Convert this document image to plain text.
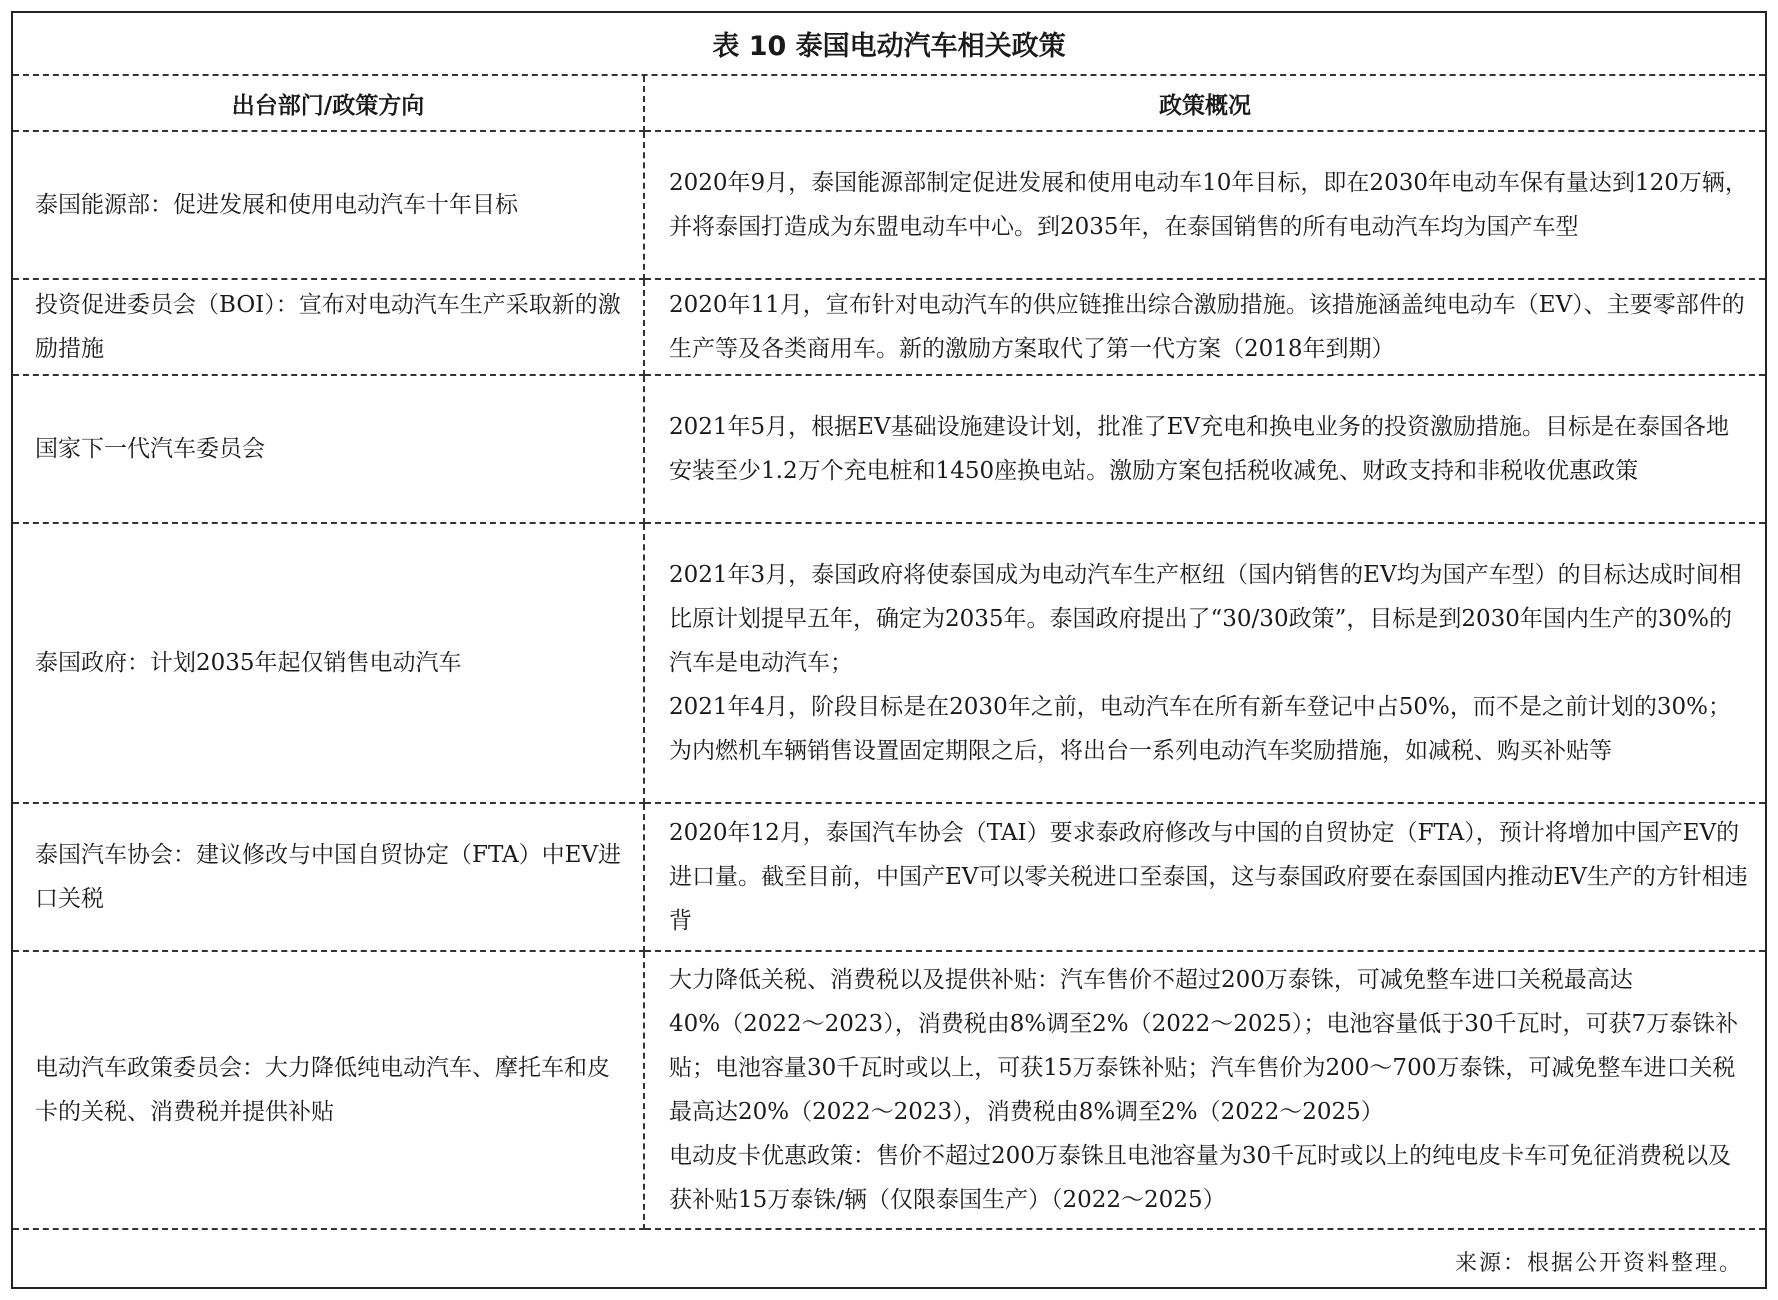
表 10 泰国电动汽车相关政策
出台部门/政策方向	政策概况
泰国能源部：促进发展和使用电动汽车十年目标	2020年9月，泰国能源部制定促进发展和使用电动车10年目标，即在2030年电动车保有量达到120万辆，并将泰国打造成为东盟电动车中心。到2035年，在泰国销售的所有电动汽车均为国产车型

投资促进委员会（BOI）：宣布对电动汽车生产采取新的激励措施	2020年11月，宣布针对电动汽车的供应链推出综合激励措施。该措施涵盖纯电动车（EV）、主要零部件的生产等及各类商用车。新的激励方案取代了第一代方案（2018年到期）

国家下一代汽车委员会	2021年5月，根据EV基础设施建设计划，批准了EV充电和换电业务的投资激励措施。目标是在泰国各地安装至少1.2万个充电桩和1450座换电站。激励方案包括税收减免、财政支持和非税收优惠政策

泰国政府：计划2035年起仅销售电动汽车	2021年3月，泰国政府将使泰国成为电动汽车生产枢纽（国内销售的EV均为国产车型）的目标达成时间相比原计划提早五年，确定为2035年。泰国政府提出了“30/30政策”，目标是到2030年国内生产的30%的汽车是电动汽车；
2021年4月，阶段目标是在2030年之前，电动汽车在所有新车登记中占50%，而不是之前计划的30%；为内燃机车辆销售设置固定期限之后，将出台一系列电动汽车奖励措施，如减税、购买补贴等

泰国汽车协会：建议修改与中国自贸协定（FTA）中EV进口关税	2020年12月，泰国汽车协会（TAI）要求泰政府修改与中国的自贸协定（FTA），预计将增加中国产EV的进口量。截至目前，中国产EV可以零关税进口至泰国，这与泰国政府要在泰国国内推动EV生产的方针相违背

电动汽车政策委员会：大力降低纯电动汽车、摩托车和皮卡的关税、消费税并提供补贴	大力降低关税、消费税以及提供补贴：汽车售价不超过200万泰铢，可减免整车进口关税最高达40%（2022～2023），消费税由8%调至2%（2022～2025）；电池容量低于30千瓦时，可获7万泰铢补贴；电池容量30千瓦时或以上，可获15万泰铢补贴；汽车售价为200～700万泰铢，可减免整车进口关税最高达20%（2022～2023），消费税由8%调至2%（2022～2025）
电动皮卡优惠政策：售价不超过200万泰铢且电池容量为30千瓦时或以上的纯电皮卡车可免征消费税以及获补贴15万泰铢/辆（仅限泰国生产）（2022～2025）
来源：根据公开资料整理。
